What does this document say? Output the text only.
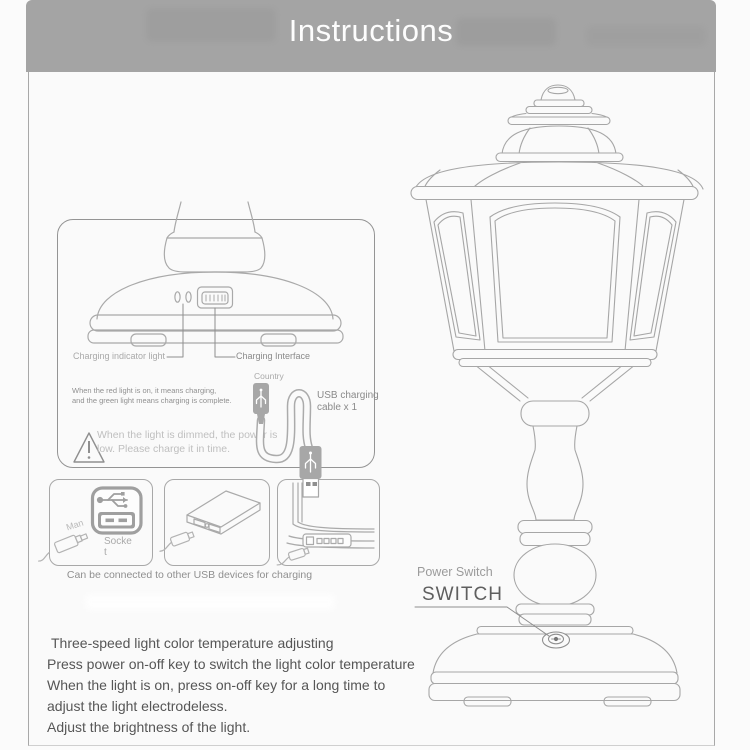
Instructions
Charging indicator light	Charging Interface
When the red light is on, it means charging,
and the green light means charging is complete.
Country
USB charging
cable x 1
When the light is dimmed, the power is
low. Please charge it in time.
Man
Socket
Can be connected to other USB devices for charging	Power Switch
SWITCH
Three-speed light color temperature adjusting
Press power on-off key to switch the light color temperature
When the light is on, press on-off key for a long time to
adjust the light electrodeless.
Adjust the brightness of the light.
